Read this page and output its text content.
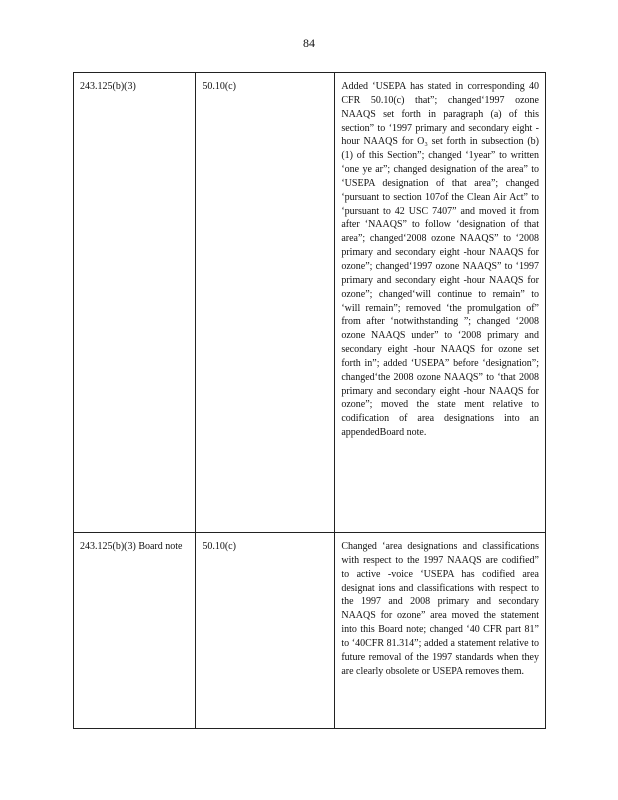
84
243.125(b)(3)	50.10(c)	Added ‘USEPA has stated in corresponding 40 CFR 50.10(c) that”; changed‘1997 ozone NAAQS set forth in paragraph (a) of this section” to ‘1997 primary and secondary eight -hour NAAQS for O₃ set forth in subsection (b)(1) of this Section”; changed ‘1year” to written ‘one ye ar”; changed designation of the area” to ‘USEPA designation of that area”; changed ‘pursuant to section 107of the Clean Air Act” to ‘pursuant to 42 USC 7407” and moved it from after ‘NAAQS” to follow ‘designation of that area”; changed‘2008 ozone NAAQS” to ‘2008 primary and secondary eight -hour NAAQS for ozone”; changed‘1997 ozone NAAQS” to ‘1997 primary and secondary eight -hour NAAQS for ozone”; changed‘will continue to remain” to ‘will remain”; removed ‘the promulgation of” from after ‘notwithstanding ”; changed ‘2008 ozone NAAQS under” to ‘2008 primary and secondary eight -hour NAAQS for ozone set forth in”; added ‘USEPA” before ‘designation”; changed‘the 2008 ozone NAAQS” to ‘that 2008 primary and secondary eight -hour NAAQS for ozone”; moved the state ment relative to codification of area designations into an appendedBoard note.

243.125(b)(3) Board note	50.10(c)	Changed ‘area designations and classifications with respect to the 1997 NAAQS are codified” to active -voice ‘USEPA has codified area designat ions and classifications with respect to the 1997 and 2008 primary and secondary NAAQS for ozone” area moved the statement into this Board note; changed ‘40 CFR part 81” to ‘40CFR 81.314”; added a statement relative to future removal of the 1997 standards when they are clearly obsolete or USEPA removes them.
